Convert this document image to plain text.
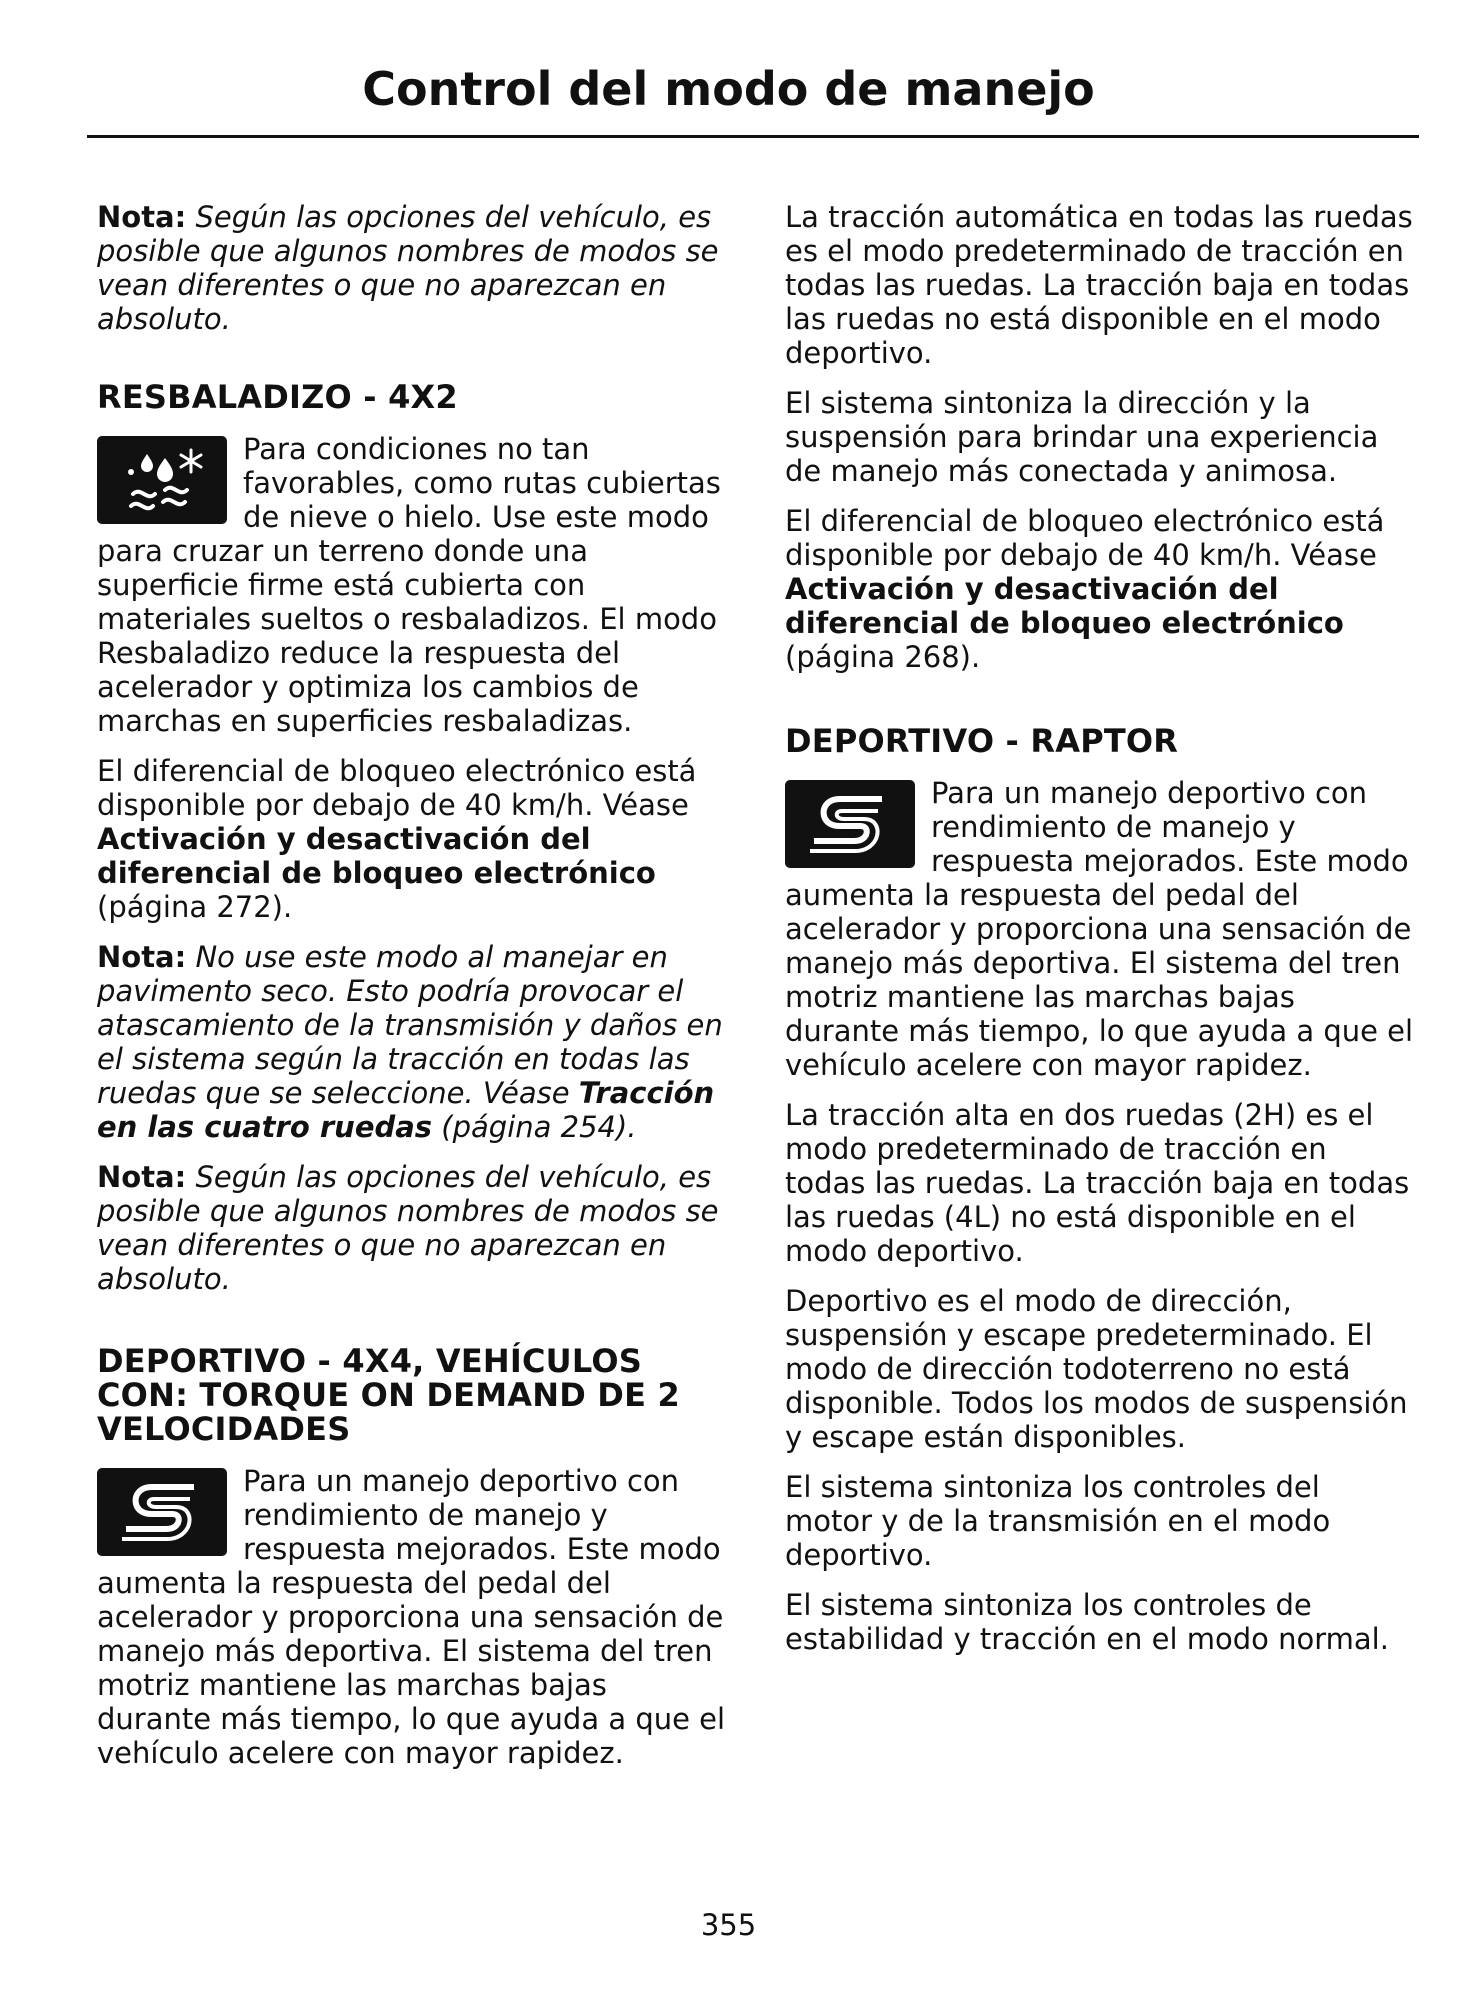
Control del modo de manejo

Nota: Según las opciones del vehículo, es posible que algunos nombres de modos se vean diferentes o que no aparezcan en absoluto.

RESBALADIZO - 4X2

Para condiciones no tan favorables, como rutas cubiertas de nieve o hielo. Use este modo para cruzar un terreno donde una superficie firme está cubierta con materiales sueltos o resbaladizos. El modo Resbaladizo reduce la respuesta del acelerador y optimiza los cambios de marchas en superficies resbaladizas.

El diferencial de bloqueo electrónico está disponible por debajo de 40 km/h. Véase Activación y desactivación del diferencial de bloqueo electrónico (página 272).

Nota: No use este modo al manejar en pavimento seco. Esto podría provocar el atascamiento de la transmisión y daños en el sistema según la tracción en todas las ruedas que se seleccione. Véase Tracción en las cuatro ruedas (página 254).

Nota: Según las opciones del vehículo, es posible que algunos nombres de modos se vean diferentes o que no aparezcan en absoluto.

DEPORTIVO - 4X4, VEHÍCULOS CON: TORQUE ON DEMAND DE 2 VELOCIDADES

Para un manejo deportivo con rendimiento de manejo y respuesta mejorados. Este modo aumenta la respuesta del pedal del acelerador y proporciona una sensación de manejo más deportiva. El sistema del tren motriz mantiene las marchas bajas durante más tiempo, lo que ayuda a que el vehículo acelere con mayor rapidez.

La tracción automática en todas las ruedas es el modo predeterminado de tracción en todas las ruedas. La tracción baja en todas las ruedas no está disponible en el modo deportivo.

El sistema sintoniza la dirección y la suspensión para brindar una experiencia de manejo más conectada y animosa.

El diferencial de bloqueo electrónico está disponible por debajo de 40 km/h. Véase Activación y desactivación del diferencial de bloqueo electrónico (página 268).

DEPORTIVO - RAPTOR

Para un manejo deportivo con rendimiento de manejo y respuesta mejorados. Este modo aumenta la respuesta del pedal del acelerador y proporciona una sensación de manejo más deportiva. El sistema del tren motriz mantiene las marchas bajas durante más tiempo, lo que ayuda a que el vehículo acelere con mayor rapidez.

La tracción alta en dos ruedas (2H) es el modo predeterminado de tracción en todas las ruedas. La tracción baja en todas las ruedas (4L) no está disponible en el modo deportivo.

Deportivo es el modo de dirección, suspensión y escape predeterminado. El modo de dirección todoterreno no está disponible. Todos los modos de suspensión y escape están disponibles.

El sistema sintoniza los controles del motor y de la transmisión en el modo deportivo.

El sistema sintoniza los controles de estabilidad y tracción en el modo normal.

355
